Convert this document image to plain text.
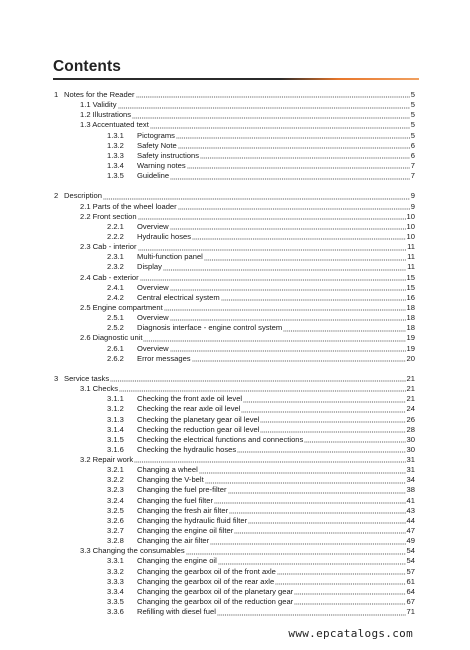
Contents
1 Notes for the Reader	5
1.1 Validity	5
1.2 Illustrations	5
1.3 Accentuated text	5
1.3.1 Pictograms	5
1.3.2 Safety Note	6
1.3.3 Safety instructions	6
1.3.4 Warning notes	7
1.3.5 Guideline	7
2 Description	9
2.1 Parts of the wheel loader	9
2.2 Front section	10
2.2.1 Overview	10
2.2.2 Hydraulic hoses	10
2.3 Cab - interior	11
2.3.1 Multi-function panel	11
2.3.2 Display	11
2.4 Cab - exterior	15
2.4.1 Overview	15
2.4.2 Central electrical system	16
2.5 Engine compartment	18
2.5.1 Overview	18
2.5.2 Diagnosis interface - engine control system	18
2.6 Diagnostic unit	19
2.6.1 Overview	19
2.6.2 Error messages	20
3 Service tasks	21
3.1 Checks	21
3.1.1 Checking the front axle oil level	21
3.1.2 Checking the rear axle oil level	24
3.1.3 Checking the planetary gear oil level	26
3.1.4 Checking the reduction gear oil level	28
3.1.5 Checking the electrical functions and connections	30
3.1.6 Checking the hydraulic hoses	30
3.2 Repair work	31
3.2.1 Changing a wheel	31
3.2.2 Changing the V-belt	34
3.2.3 Changing the fuel pre-filter	38
3.2.4 Changing the fuel filter	41
3.2.5 Changing the fresh air filter	43
3.2.6 Changing the hydraulic fluid filter	44
3.2.7 Changing the engine oil filter	47
3.2.8 Changing the air filter	49
3.3 Changing the consumables	54
3.3.1 Changing the engine oil	54
3.3.2 Changing the gearbox oil of the front axle	57
3.3.3 Changing the gearbox oil of the rear axle	61
3.3.4 Changing the gearbox oil of the planetary gear	64
3.3.5 Changing the gearbox oil of the reduction gear	67
3.3.6 Refilling with diesel fuel	71
www.epcatalogs.com
